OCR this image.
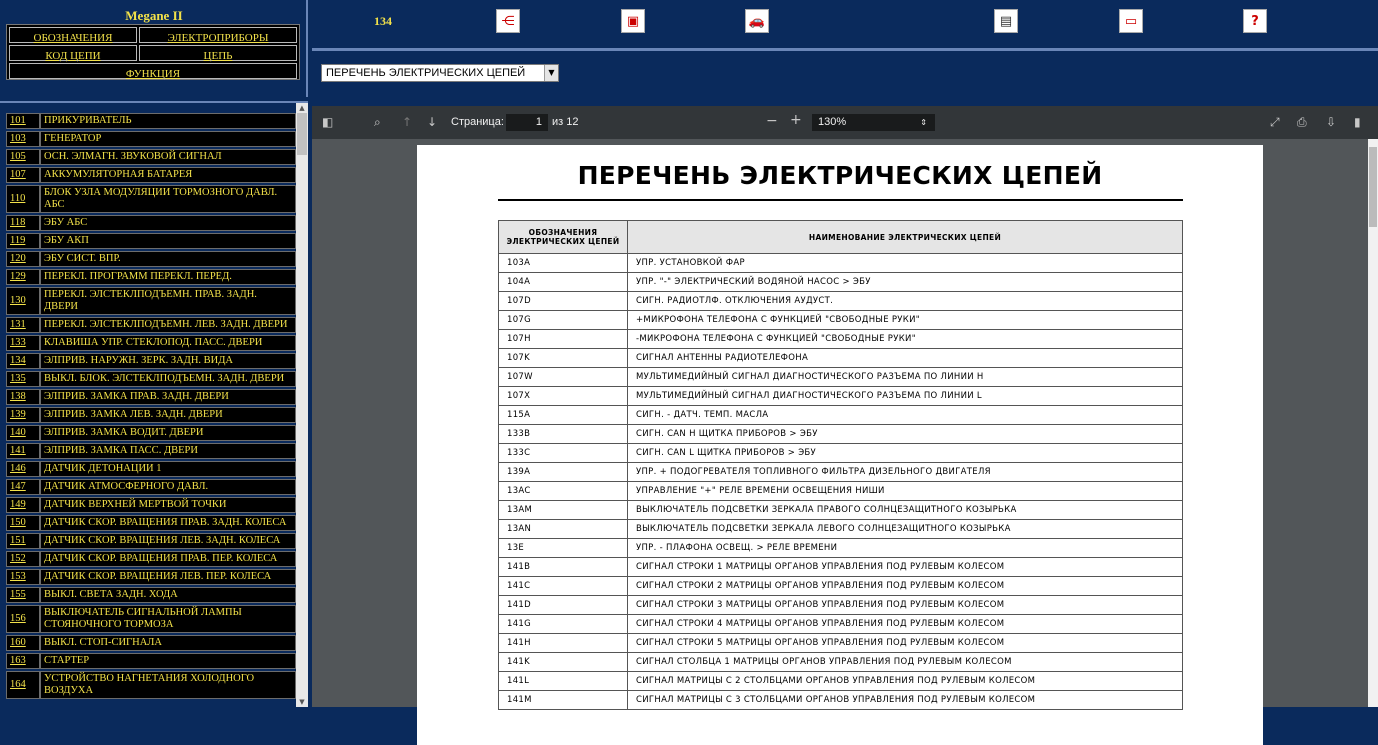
Megane II
ОБОЗНАЧЕНИЯ	ЭЛЕКТРОПРИБОРЫ
КОД ЦЕПИ	ЦЕПЬ
ФУНКЦИЯ
101	ПРИКУРИВАТЕЛЬ
103	ГЕНЕРАТОР
105	ОСН. ЭЛМАГН. ЗВУКОВОЙ СИГНАЛ
107	АККУМУЛЯТОРНАЯ БАТАРЕЯ
110	БЛОК УЗЛА МОДУЛЯЦИИ ТОРМОЗНОГО ДАВЛ. АБС
118	ЭБУ АБС
119	ЭБУ АКП
120	ЭБУ СИСТ. ВПР.
129	ПЕРЕКЛ. ПРОГРАММ ПЕРЕКЛ. ПЕРЕД.
130	ПЕРЕКЛ. ЭЛСТЕКЛПОДЪЕМН. ПРАВ. ЗАДН. ДВЕРИ
131	ПЕРЕКЛ. ЭЛСТЕКЛПОДЪЕМН. ЛЕВ. ЗАДН. ДВЕРИ
133	КЛАВИША УПР. СТЕКЛОПОД. ПАСС. ДВЕРИ
134	ЭЛПРИВ. НАРУЖН. ЗЕРК. ЗАДН. ВИДА
135	ВЫКЛ. БЛОК. ЭЛСТЕКЛПОДЪЕМН. ЗАДН. ДВЕРИ
138	ЭЛПРИВ. ЗАМКА ПРАВ. ЗАДН. ДВЕРИ
139	ЭЛПРИВ. ЗАМКА ЛЕВ. ЗАДН. ДВЕРИ
140	ЭЛПРИВ. ЗАМКА ВОДИТ. ДВЕРИ
141	ЭЛПРИВ. ЗАМКА ПАСС. ДВЕРИ
146	ДАТЧИК ДЕТОНАЦИИ 1
147	ДАТЧИК АТМОСФЕРНОГО ДАВЛ.
149	ДАТЧИК ВЕРХНЕЙ МЕРТВОЙ ТОЧКИ
150	ДАТЧИК СКОР. ВРАЩЕНИЯ ПРАВ. ЗАДН. КОЛЕСА
151	ДАТЧИК СКОР. ВРАЩЕНИЯ ЛЕВ. ЗАДН. КОЛЕСА
152	ДАТЧИК СКОР. ВРАЩЕНИЯ ПРАВ. ПЕР. КОЛЕСА
153	ДАТЧИК СКОР. ВРАЩЕНИЯ ЛЕВ. ПЕР. КОЛЕСА
155	ВЫКЛ. СВЕТА ЗАДН. ХОДА
156	ВЫКЛЮЧАТЕЛЬ СИГНАЛЬНОЙ ЛАМПЫ СТОЯНОЧНОГО ТОРМОЗА
160	ВЫКЛ. СТОП-СИГНАЛА
163	СТАРТЕР
164	УСТРОЙСТВО НАГНЕТАНИЯ ХОЛОДНОГО ВОЗДУХА
▲
▼
134	⋲	▣	🚗	▤	▭	?
ПЕРЕЧЕНЬ ЭЛЕКТРИЧЕСКИХ ЦЕПЕЙ	▼
◧	⌕ ↑ ↓ Страница:	1 из 12	− +	130%	⇕	⤢ ⎙ ⇩ ▮
ПЕРЕЧЕНЬ ЭЛЕКТРИЧЕСКИХ ЦЕПЕЙ
ОБОЗНАЧЕНИЯ
ЭЛЕКТРИЧЕСКИХ ЦЕПЕЙ	НАИМЕНОВАНИЕ ЭЛЕКТРИЧЕСКИХ ЦЕПЕЙ
103A	УПР. УСТАНОВКОЙ ФАР
104A	УПР. "-" ЭЛЕКТРИЧЕСКИЙ ВОДЯНОЙ НАСОС > ЭБУ
107D	СИГН. РАДИОТЛФ. ОТКЛЮЧЕНИЯ АУДУСТ.
107G	+МИКРОФОНА ТЕЛЕФОНА С ФУНКЦИЕЙ "СВОБОДНЫЕ РУКИ"
107H	-МИКРОФОНА ТЕЛЕФОНА С ФУНКЦИЕЙ "СВОБОДНЫЕ РУКИ"
107K	СИГНАЛ АНТЕННЫ РАДИОТЕЛЕФОНА
107W	МУЛЬТИМЕДИЙНЫЙ СИГНАЛ ДИАГНОСТИЧЕСКОГО РАЗЪЕМА ПО ЛИНИИ H
107X	МУЛЬТИМЕДИЙНЫЙ СИГНАЛ ДИАГНОСТИЧЕСКОГО РАЗЪЕМА ПО ЛИНИИ L
115A	СИГН. - ДАТЧ. ТЕМП. МАСЛА
133B	СИГН. CAN H ЩИТКА ПРИБОРОВ > ЭБУ
133C	СИГН. CAN L ЩИТКА ПРИБОРОВ > ЭБУ
139A	УПР. + ПОДОГРЕВАТЕЛЯ ТОПЛИВНОГО ФИЛЬТРА ДИЗЕЛЬНОГО ДВИГАТЕЛЯ
13AC	УПРАВЛЕНИЕ "+" РЕЛЕ ВРЕМЕНИ ОСВЕЩЕНИЯ НИШИ
13AM	ВЫКЛЮЧАТЕЛЬ ПОДСВЕТКИ ЗЕРКАЛА ПРАВОГО СОЛНЦЕЗАЩИТНОГО КОЗЫРЬКА
13AN	ВЫКЛЮЧАТЕЛЬ ПОДСВЕТКИ ЗЕРКАЛА ЛЕВОГО СОЛНЦЕЗАЩИТНОГО КОЗЫРЬКА
13E	УПР. - ПЛАФОНА ОСВЕЩ. > РЕЛЕ ВРЕМЕНИ
141B	СИГНАЛ СТРОКИ 1 МАТРИЦЫ ОРГАНОВ УПРАВЛЕНИЯ ПОД РУЛЕВЫМ КОЛЕСОМ
141C	СИГНАЛ СТРОКИ 2 МАТРИЦЫ ОРГАНОВ УПРАВЛЕНИЯ ПОД РУЛЕВЫМ КОЛЕСОМ
141D	СИГНАЛ СТРОКИ 3 МАТРИЦЫ ОРГАНОВ УПРАВЛЕНИЯ ПОД РУЛЕВЫМ КОЛЕСОМ
141G	СИГНАЛ СТРОКИ 4 МАТРИЦЫ ОРГАНОВ УПРАВЛЕНИЯ ПОД РУЛЕВЫМ КОЛЕСОМ
141H	СИГНАЛ СТРОКИ 5 МАТРИЦЫ ОРГАНОВ УПРАВЛЕНИЯ ПОД РУЛЕВЫМ КОЛЕСОМ
141K	СИГНАЛ СТОЛБЦА 1 МАТРИЦЫ ОРГАНОВ УПРАВЛЕНИЯ ПОД РУЛЕВЫМ КОЛЕСОМ
141L	СИГНАЛ МАТРИЦЫ С 2 СТОЛБЦАМИ ОРГАНОВ УПРАВЛЕНИЯ ПОД РУЛЕВЫМ КОЛЕСОМ
141M	СИГНАЛ МАТРИЦЫ С 3 СТОЛБЦАМИ ОРГАНОВ УПРАВЛЕНИЯ ПОД РУЛЕВЫМ КОЛЕСОМ
